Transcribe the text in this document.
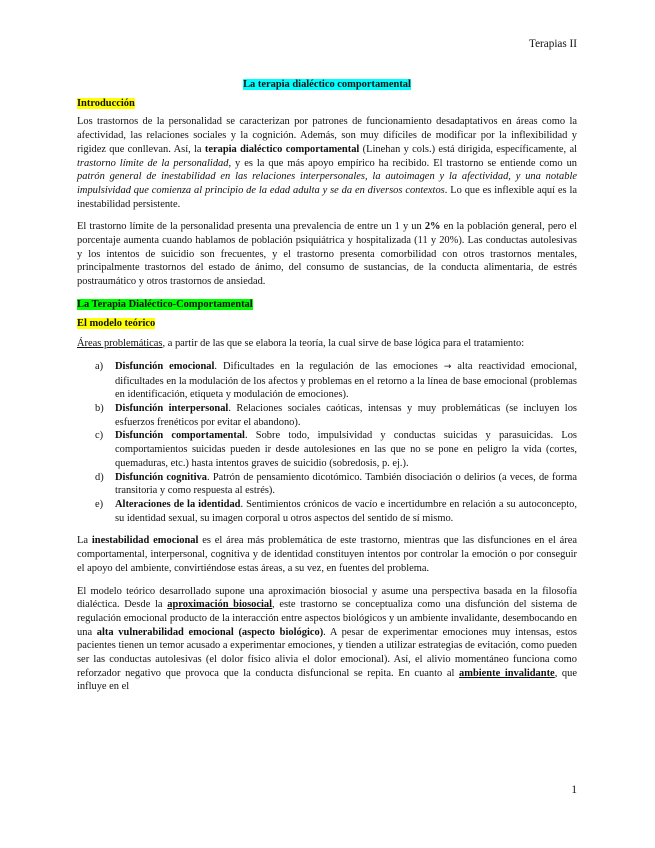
Terapias II
La terapia dialéctico comportamental
Introducción

Los trastornos de la personalidad se caracterizan por patrones de funcionamiento desadaptativos en áreas como la afectividad, las relaciones sociales y la cognición. Además, son muy difíciles de modificar por la inflexibilidad y rigidez que conllevan. Así, la terapia dialéctico comportamental (Linehan y cols.) está dirigida, específicamente, al trastorno límite de la personalidad, y es la que más apoyo empírico ha recibido. El trastorno se entiende como un patrón general de inestabilidad en las relaciones interpersonales, la autoimagen y la afectividad, y una notable impulsividad que comienza al principio de la edad adulta y se da en diversos contextos. Lo que es inflexible aquí es la inestabilidad persistente.

El trastorno límite de la personalidad presenta una prevalencia de entre un 1 y un 2% en la población general, pero el porcentaje aumenta cuando hablamos de población psiquiátrica y hospitalizada (11 y 20%). Las conductas autolesivas y los intentos de suicidio son frecuentes, y el trastorno presenta comorbilidad con otros trastornos mentales, principalmente trastornos del estado de ánimo, del consumo de sustancias, de la conducta alimentaria, de estrés postraumático y otros trastornos de ansiedad.

La Terapia Dialéctico-Comportamental
El modelo teórico

Áreas problemáticas, a partir de las que se elabora la teoría, la cual sirve de base lógica para el tratamiento:

a) Disfunción emocional. Dificultades en la regulación de las emociones → alta reactividad emocional, dificultades en la modulación de los afectos y problemas en el retorno a la línea de base emocional (problemas en identificación, etiqueta y modulación de emociones).
b) Disfunción interpersonal. Relaciones sociales caóticas, intensas y muy problemáticas (se incluyen los esfuerzos frenéticos por evitar el abandono).
c) Disfunción comportamental. Sobre todo, impulsividad y conductas suicidas y parasuicidas. Los comportamientos suicidas pueden ir desde autolesiones en las que no se pone en peligro la vida (cortes, quemaduras, etc.) hasta intentos graves de suicidio (sobredosis, p. ej.).
d) Disfunción cognitiva. Patrón de pensamiento dicotómico. También disociación o delirios (a veces, de forma transitoria y como respuesta al estrés).
e) Alteraciones de la identidad. Sentimientos crónicos de vacío e incertidumbre en relación a su autoconcepto, su identidad sexual, su imagen corporal u otros aspectos del sentido de sí mismo.

La inestabilidad emocional es el área más problemática de este trastorno, mientras que las disfunciones en el área comportamental, interpersonal, cognitiva y de identidad constituyen intentos por controlar la emoción o por conseguir el apoyo del ambiente, convirtiéndose estas áreas, a su vez, en fuentes del problema.

El modelo teórico desarrollado supone una aproximación biosocial y asume una perspectiva basada en la filosofía dialéctica. Desde la aproximación biosocial, este trastorno se conceptualiza como una disfunción del sistema de regulación emocional producto de la interacción entre aspectos biológicos y un ambiente invalidante, desembocando en una alta vulnerabilidad emocional (aspecto biológico). A pesar de experimentar emociones muy intensas, estos pacientes tienen un temor acusado a experimentar emociones, y tienden a utilizar estrategias de evitación, como pueden ser las conductas autolesivas (el dolor físico alivia el dolor emocional). Así, el alivio momentáneo funciona como reforzador negativo que provoca que la conducta disfuncional se repita. En cuanto al ambiente invalidante, que influye en el

1
